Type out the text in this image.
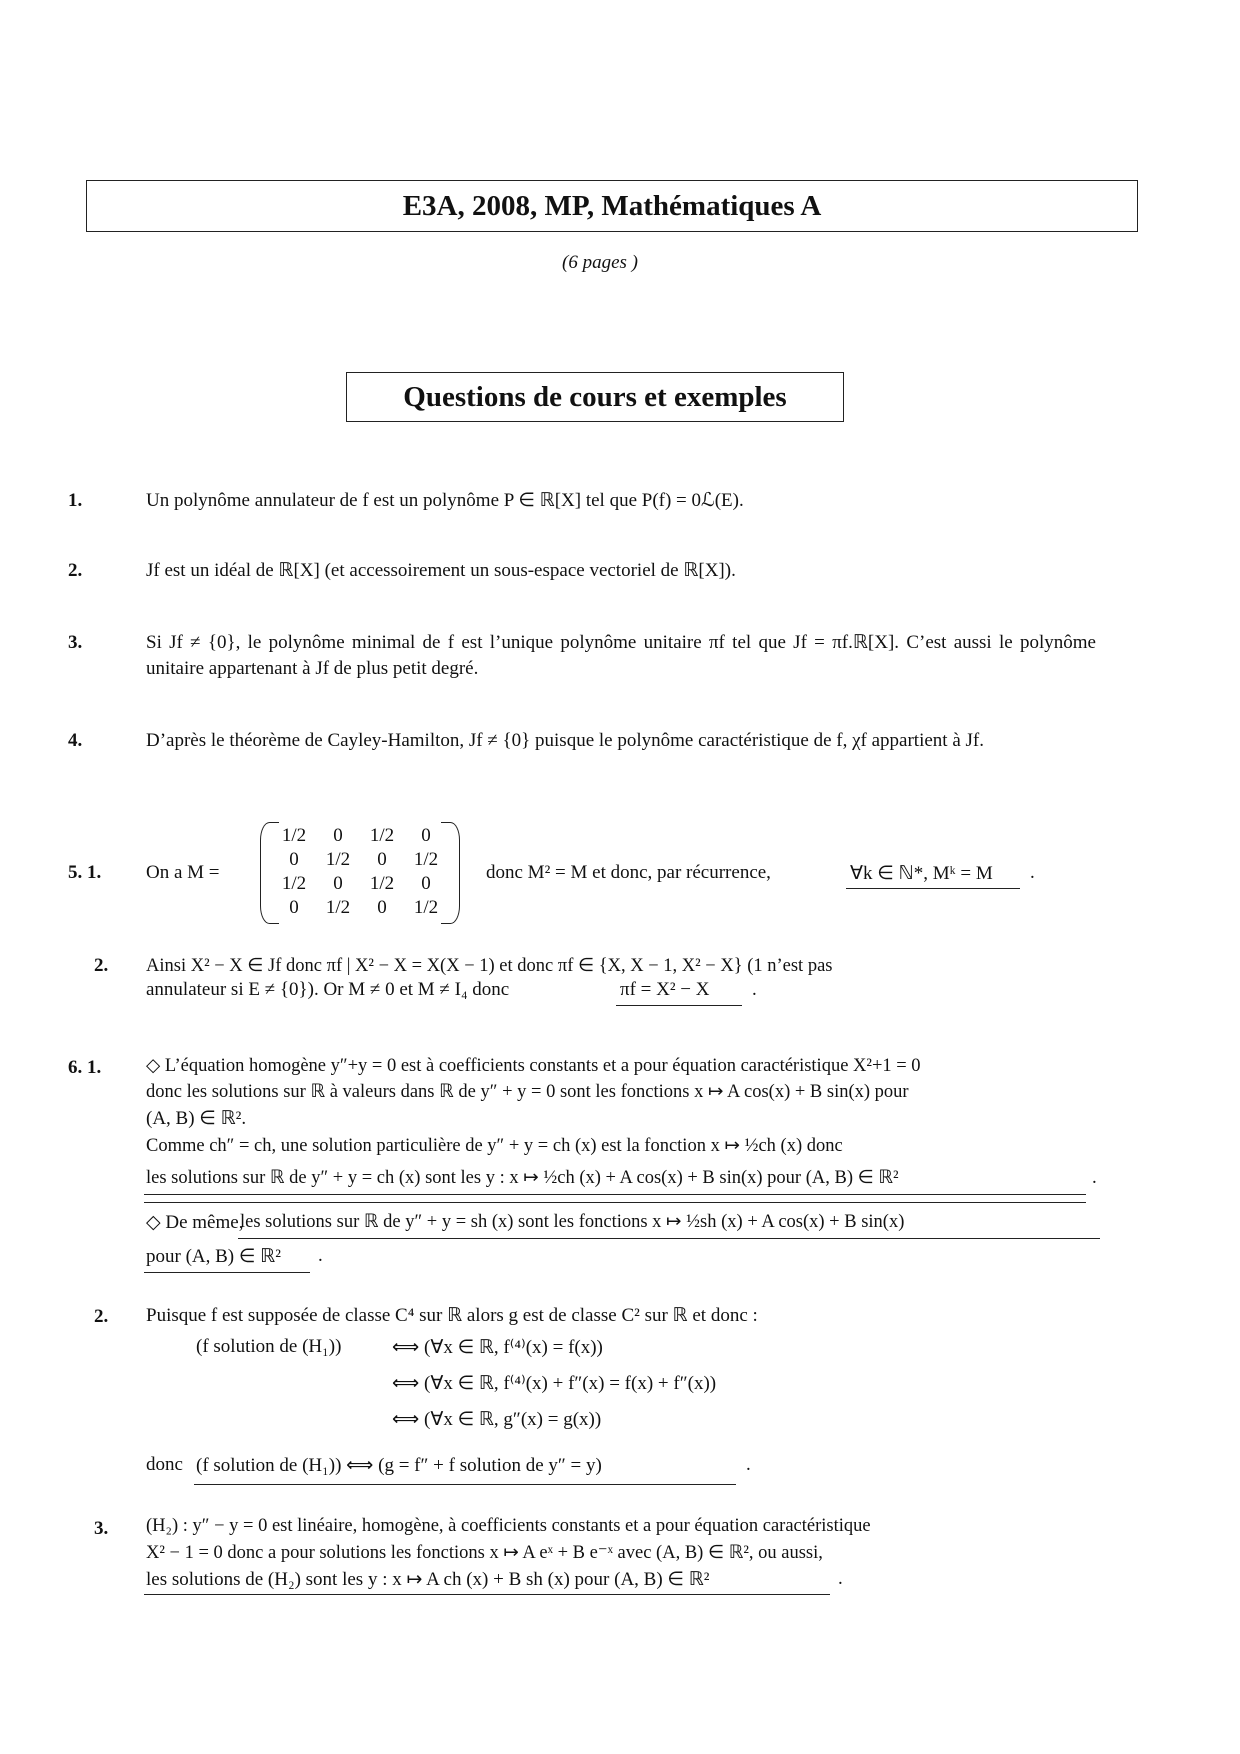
E3A, 2008, MP, Mathématiques A
(6 pages )
Questions de cours et exemples
1.	Un polynôme annulateur de f est un polynôme P ∈ ℝ[X] tel que P(f) = 0ℒ(E).
2.	Jf est un idéal de ℝ[X] (et accessoirement un sous-espace vectoriel de ℝ[X]).
3.	Si Jf ≠ {0}, le polynôme minimal de f est l’unique polynôme unitaire πf tel que Jf = πf.ℝ[X]. C’est aussi le polynôme unitaire appartenant à Jf de plus petit degré.
4.	D’après le théorème de Cayley-Hamilton, Jf ≠ {0} puisque le polynôme caractéristique de f, χf appartient à Jf.
5. 1. On a M =
1/2	0	1/2	0
0	1/2	0	1/2
1/2	0	1/2	0
0	1/2	0	1/2
donc M² = M et donc, par récurrence,	∀k ∈ ℕ*, Mᵏ = M .
2. Ainsi X² − X ∈ Jf donc πf | X² − X = X(X − 1) et donc πf ∈ {X, X − 1, X² − X} (1 n’est pas
annulateur si E ≠ {0}). Or M ≠ 0 et M ≠ I₄ donc	πf = X² − X .
6. 1. ◇ L’équation homogène y″+y = 0 est à coefficients constants et a pour équation caractéristique X²+1 = 0
donc les solutions sur ℝ à valeurs dans ℝ de y″ + y = 0 sont les fonctions x ↦ A cos(x) + B sin(x) pour
(A, B) ∈ ℝ².
Comme ch″ = ch, une solution particulière de y″ + y = ch (x) est la fonction x ↦ ½ch (x) donc
les solutions sur ℝ de y″ + y = ch (x) sont les y : x ↦ ½ch (x) + A cos(x) + B sin(x) pour (A, B) ∈ ℝ²	.
◇ De même,
les solutions sur ℝ de y″ + y = sh (x) sont les fonctions x ↦ ½sh (x) + A cos(x) + B sin(x)
pour (A, B) ∈ ℝ² .
2. Puisque f est supposée de classe C⁴ sur ℝ alors g est de classe C² sur ℝ et donc :
(f solution de (H₁))	⟺ (∀x ∈ ℝ, f⁽⁴⁾(x) = f(x))
⟺ (∀x ∈ ℝ, f⁽⁴⁾(x) + f″(x) = f(x) + f″(x))
⟺ (∀x ∈ ℝ, g″(x) = g(x))
donc (f solution de (H₁)) ⟺ (g = f″ + f solution de y″ = y)	.
3. (H₂) : y″ − y = 0 est linéaire, homogène, à coefficients constants et a pour équation caractéristique
X² − 1 = 0 donc a pour solutions les fonctions x ↦ A eˣ + B e⁻ˣ avec (A, B) ∈ ℝ², ou aussi,
les solutions de (H₂) sont les y : x ↦ A ch (x) + B sh (x) pour (A, B) ∈ ℝ²	.
